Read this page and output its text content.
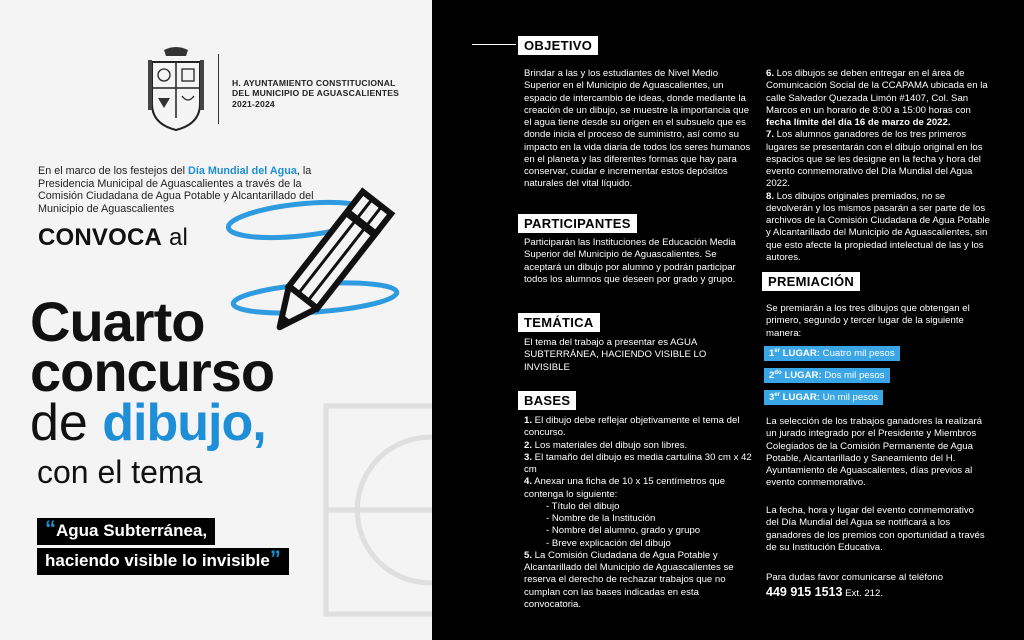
H. AYUNTAMIENTO CONSTITUCIONAL
DEL MUNICIPIO DE AGUASCALIENTES
2021-2024
En el marco de los festejos del Día Mundial del Agua, la Presidencia Municipal de Aguascalientes a través de la Comisión Ciudadana de Agua Potable y Alcantarillado del Municipio de Aguascalientes
CONVOCA al
Cuarto
concurso
de dibujo,
con el tema
“Agua Subterránea,
haciendo visible lo invisible”
OBJETIVO
Brindar a las y los estudiantes de Nivel Medio Superior en el Municipio de Aguascalientes, un espacio de intercambio de ideas, donde mediante la creación de un dibujo, se muestre la importancia que el agua tiene desde su origen en el subsuelo que es donde inicia el proceso de suministro, así como su impacto en la vida diaria de todos los seres humanos en el planeta y las diferentes formas que hay para conservar, cuidar e incrementar estos depósitos naturales del vital líquido.
PARTICIPANTES
Participarán las Instituciones de Educación Media Superior del Municipio de Aguascalientes. Se aceptará un dibujo por alumno y podrán participar todos los alumnos que deseen por grado y grupo.
TEMÁTICA
El tema del trabajo a presentar es AGUA SUBTERRÁNEA, HACIENDO VISIBLE LO INVISIBLE
BASES
1. El dibujo debe reflejar objetivamente el tema del concurso.
2. Los materiales del dibujo son libres.
3. El tamaño del dibujo es media cartulina 30 cm x 42 cm
4. Anexar una ficha de 10 x 15 centímetros que contenga lo siguiente:
- Título del dibujo
- Nombre de la Institución
- Nombre del alumno, grado y grupo
- Breve explicación del dibujo
5. La Comisión Ciudadana de Agua Potable y Alcantarillado del Municipio de Aguascalientes se reserva el derecho de rechazar trabajos que no cumplan con las bases indicadas en esta convocatoria.
6. Los dibujos se deben entregar en el área de Comunicación Social de la CCAPAMA ubicada en la calle Salvador Quezada Limón #1407, Col. San Marcos en un horario de 8:00 a 15:00 horas con fecha límite del día 16 de marzo de 2022.
7. Los alumnos ganadores de los tres primeros lugares se presentarán con el dibujo original en los espacios que se les designe en la fecha y hora del evento conmemorativo del Día Mundial del Agua 2022.
8. Los dibujos originales premiados, no se devolverán y los mismos pasarán a ser parte de los archivos de la Comisión Ciudadana de Agua Potable y Alcantarillado del Municipio de Aguascalientes, sin que esto afecte la propiedad intelectual de las y los autores.
PREMIACIÓN
Se premiarán a los tres dibujos que obtengan el primero, segundo y tercer lugar de la siguiente manera:
1er LUGAR: Cuatro mil pesos
$2^{do}$ LUGAR: Dos mil pesos
3er LUGAR: Un mil pesos
La selección de los trabajos ganadores la realizará un jurado integrado por el Presidente y Miembros Colegiados de la Comisión Permanente de Agua Potable, Alcantarillado y Saneamiento del H. Ayuntamiento de Aguascalientes, días previos al evento conmemorativo.
La fecha, hora y lugar del evento conmemorativo del Día Mundial del Agua se notificará a los ganadores de los premios con oportunidad a través de su Institución Educativa.
Para dudas favor comunicarse al teléfono
449 915 1513 Ext. 212.
